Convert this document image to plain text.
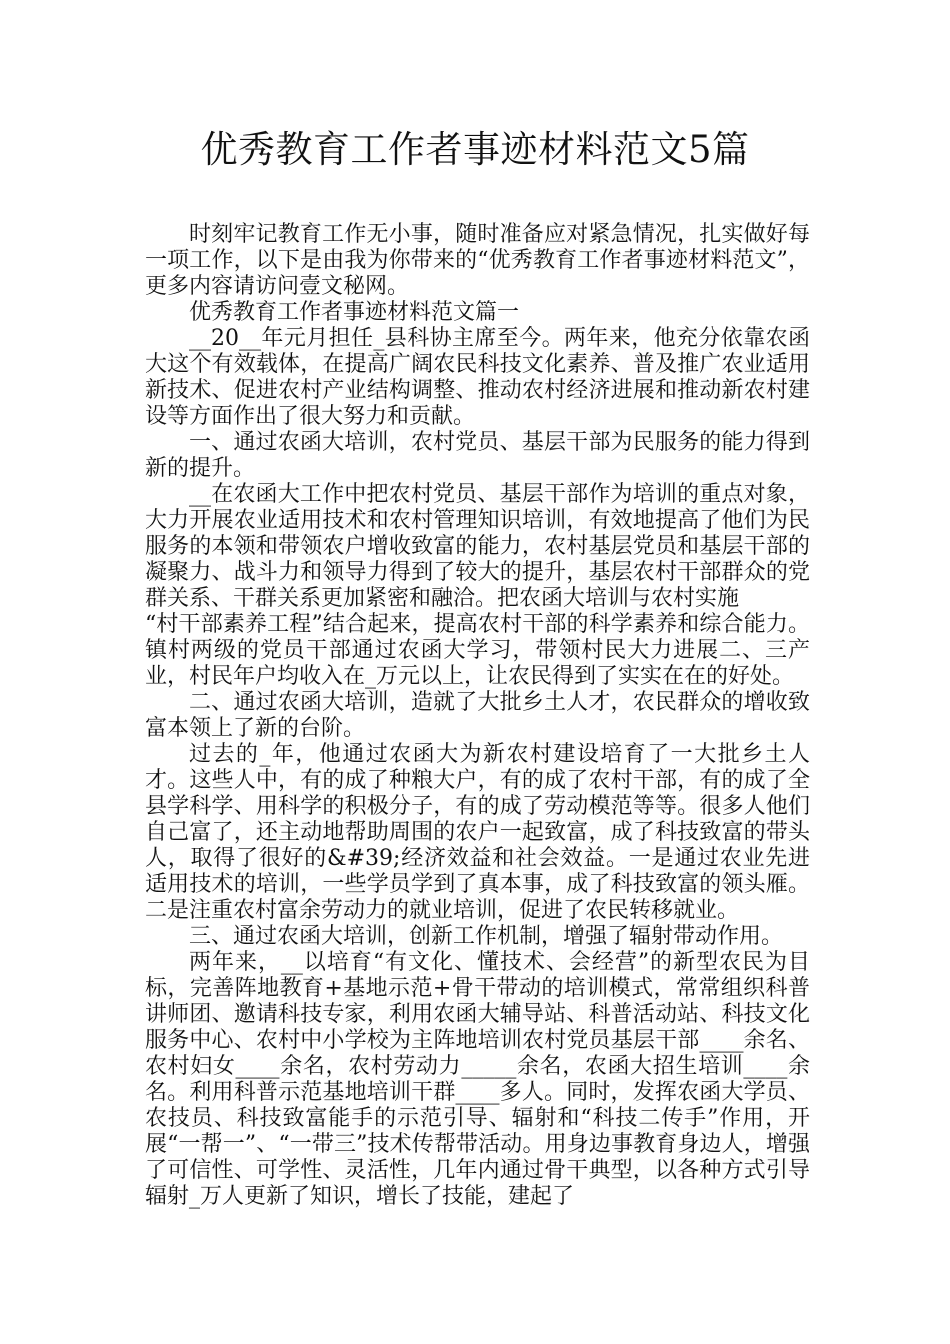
优秀教育工作者事迹材料范文5篇

时刻牢记教育工作无小事，随时准备应对紧急情况，扎实做好每一项工作，以下是由我为你带来的“优秀教育工作者事迹材料范文”，更多内容请访问壹文秘网。

优秀教育工作者事迹材料范文篇一

__20__年元月担任_县科协主席至今。两年来，他充分依靠农函大这个有效载体，在提高广阔农民科技文化素养、普及推广农业适用新技术、促进农村产业结构调整、推动农村经济进展和推动新农村建设等方面作出了很大努力和贡献。

一、通过农函大培训，农村党员、基层干部为民服务的能力得到新的提升。

__在农函大工作中把农村党员、基层干部作为培训的重点对象，大力开展农业适用技术和农村管理知识培训，有效地提高了他们为民服务的本领和带领农户增收致富的能力，农村基层党员和基层干部的凝聚力、战斗力和领导力得到了较大的提升，基层农村干部群众的党群关系、干群关系更加紧密和融洽。把农函大培训与农村实施

“村干部素养工程”结合起来，提高农村干部的科学素养和综合能力。镇村两级的党员干部通过农函大学习，带领村民大力进展二、三产业，村民年户均收入在_万元以上，让农民得到了实实在在的好处。

二、通过农函大培训，造就了大批乡土人才，农民群众的增收致富本领上了新的台阶。

过去的_年，他通过农函大为新农村建设培育了一大批乡土人才。这些人中，有的成了种粮大户，有的成了农村干部，有的成了全县学科学、用科学的积极分子，有的成了劳动模范等等。很多人他们自己富了，还主动地帮助周围的农户一起致富，成了科技致富的带头人，取得了很好的&#39;经济效益和社会效益。一是通过农业先进适用技术的培训，一些学员学到了真本事，成了科技致富的领头雁。二是注重农村富余劳动力的就业培训，促进了农民转移就业。

三、通过农函大培训，创新工作机制，增强了辐射带动作用。

两年来，__以培育“有文化、懂技术、会经营”的新型农民为目标，完善阵地教育+基地示范+骨干带动的培训模式，常常组织科普讲师团、邀请科技专家，利用农函大辅导站、科普活动站、科技文化服务中心、农村中小学校为主阵地培训农村党员基层干部____余名、农村妇女____余名，农村劳动力_____余名，农函大招生培训____余名。利用科普示范基地培训干群____多人。同时，发挥农函大学员、农技员、科技致富能手的示范引导、辐射和“科技二传手”作用，开展“一帮一”、“一带三”技术传帮带活动。用身边事教育身边人，增强了可信性、可学性、灵活性，几年内通过骨干典型，以各种方式引导辐射_万人更新了知识，增长了技能，建起了
